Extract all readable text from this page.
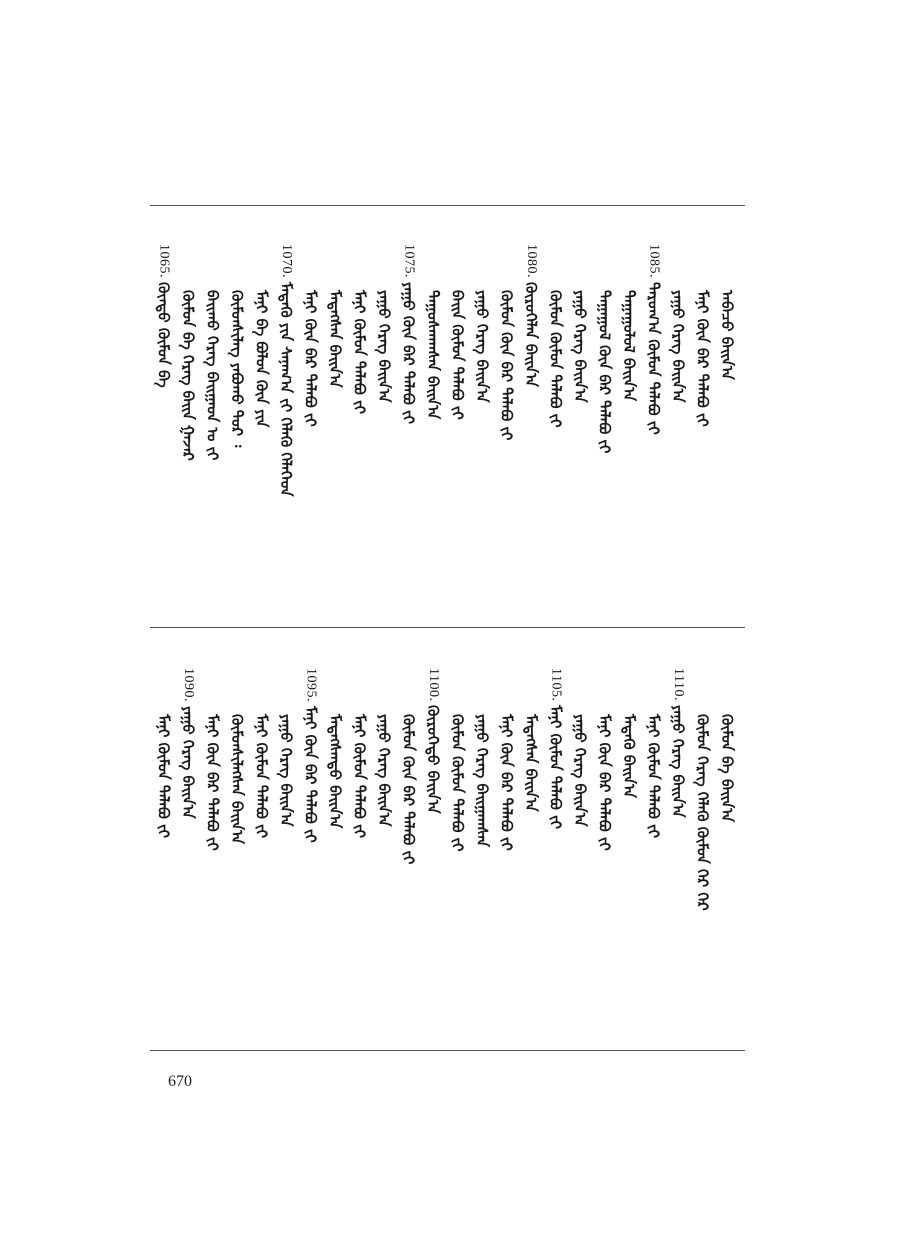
ᠠᠪᠠᠴᠤ ᠪᠠᠢᠨ᠎ᠠ
ᠮᠠᠨᠢ ᠬᠦᠨ ᠪᠡᠷ ᠲᠠᠯᠠᠪᠤ ᠶ᠋ᠢ
ᠶᠠᠭᠤ ᠬᠡᠷᠡᠭ ᠪᠠᠢᠨ᠎ᠠ
1085.
ᠳᠠᠷᠤᠭ᠎ᠠ ᠬᠦᠮᠦᠨ ᠲᠠᠯᠠᠪᠤ ᠶ᠋ᠢ
ᠳᠠᠭᠠᠭᠤᠯᠤᠯ ᠪᠠᠢᠨ᠎ᠠ
ᠳᠠᠭᠠᠭᠤᠯ ᠬᠦᠨ ᠪᠡᠷ ᠲᠠᠯᠠᠪᠤ ᠶ᠋ᠢ
ᠶᠠᠭᠤ ᠬᠡᠷᠡᠭ ᠪᠠᠢᠨ᠎ᠠ
ᠬᠦᠮᠦᠨ ᠬᠦᠮᠦᠨ ᠲᠠᠯᠠᠪᠤ ᠶ᠋ᠢ
1080.
ᠬᠦᠷᠦᠭᠡᠯᠡᠨ ᠪᠠᠢᠨ᠎ᠠ
ᠬᠦᠮᠦᠨ ᠬᠦᠨ ᠪᠡᠷ ᠲᠠᠯᠠᠪᠤ ᠶ᠋ᠢ
ᠶᠠᠭᠤ ᠬᠡᠷᠡᠭ ᠪᠠᠢᠨ᠎ᠠ
ᠪᠠᠢᠨ ᠬᠦᠮᠦᠨ ᠲᠠᠯᠠᠪᠤ ᠶ᠋ᠢ
ᠳᠠᠭᠤᠰᠬᠠᠭᠰᠠᠨ ᠪᠠᠢᠨ᠎ᠠ
1075.
ᠶᠠᠭᠤ ᠬᠦᠨ ᠪᠡᠷ ᠲᠠᠯᠠᠪᠤ ᠶ᠋ᠢ
ᠶᠠᠭᠤ ᠬᠡᠷᠡᠭ ᠪᠠᠢᠨ᠎ᠠ
ᠮᠠᠨᠢ ᠬᠦᠮᠦᠨ ᠲᠠᠯᠠᠪᠤ ᠶ᠋ᠢ
ᠮᠡᠳᠡᠭᠰᠡᠨ ᠪᠠᠢᠨ᠎ᠠ
ᠮᠠᠨᠢ ᠬᠦᠨ ᠪᠡᠷ ᠲᠠᠯᠠᠪᠤ ᠶ᠋ᠢ
1070.
ᠮᠡᠳᠡᠬᠦ ᠶᠢᠨ ᠰᠠᠨᠠᠭ᠎ᠠ ᠶ᠋ᠢ ᠬᠡᠯᠡᠬᠦ ᠬᠡᠯᠡᠭᠡᠳ
ᠮᠠᠨᠢ ᠪᠡ ᠪᠤᠯᠤᠨ ᠬᠦᠨ ᠶᠢᠨ
ᠬᠦᠮᠦᠨᠰᠢᠯᠡᠭ ᠶᠠᠪᠤᠬᠤ ᠳᠤᠷ ᠄
ᠪᠠᠢᠬᠤ ᠬᠡᠷᠡᠭ ᠪᠠᠢᠭᠠᠳ ᠣ ᠶ᠋ᠢ
ᠬᠦᠮᠦᠨ ᠪᠡ ᠬᠡᠷᠡᠭ ᠪᠠᠢᠨ ᠭᠠᠵᠠᠷ
1065.
ᠬᠦᠨᠳᠦ ᠬᠦᠮᠦᠨ ᠪᠡ
ᠬᠦᠮᠦᠨ ᠪᠡ ᠪᠠᠢᠨ᠎ᠠ
ᠬᠦᠮᠦᠨ ᠬᠡᠷᠡᠭ ᠬᠡᠯᠡᠬᠦ ᠬᠦᠮᠦᠨ ᠬᠡᠷ ᠬᠡᠷ
1110.
ᠶᠠᠭᠤ ᠬᠡᠷᠡᠭ ᠪᠠᠢᠨ᠎ᠠ
ᠮᠠᠨᠢ ᠬᠦᠮᠦᠨ ᠲᠠᠯᠠᠪᠤ ᠶ᠋ᠢ
ᠮᠡᠳᠡᠬᠦ ᠪᠠᠢᠨ᠎ᠠ
ᠮᠠᠨᠢ ᠬᠦᠨ ᠪᠡᠷ ᠲᠠᠯᠠᠪᠤ ᠶ᠋ᠢ
ᠶᠠᠭᠤ ᠬᠡᠷᠡᠭ ᠪᠠᠢᠨ᠎ᠠ
1105.
ᠮᠠᠨᠢ ᠬᠦᠮᠦᠨ ᠲᠠᠯᠠᠪᠤ ᠶ᠋ᠢ
ᠮᠡᠳᠡᠭᠰᠡᠨ ᠪᠠᠢᠨ᠎ᠠ
ᠮᠠᠨᠢ ᠬᠦᠨ ᠪᠡᠷ ᠲᠠᠯᠠᠪᠤ ᠶ᠋ᠢ
ᠶᠠᠭᠤ ᠬᠡᠷᠡᠭ ᠪᠠᠢᠭᠠᠭᠰᠠᠨ
ᠬᠦᠮᠦᠨ ᠬᠦᠮᠦᠨ ᠲᠠᠯᠠᠪᠤ ᠶ᠋ᠢ
1100.
ᠬᠦᠷᠦᠭᠡᠳᠦ ᠪᠠᠢᠨ᠎ᠠ
ᠬᠦᠮᠦᠨ ᠬᠦᠨ ᠪᠡᠷ ᠲᠠᠯᠠᠪᠤ ᠶ᠋ᠢ
ᠶᠠᠭᠤ ᠬᠡᠷᠡᠭ ᠪᠠᠢᠨ᠎ᠠ
ᠮᠠᠨᠢ ᠬᠦᠮᠦᠨ ᠲᠠᠯᠠᠪᠤ ᠶ᠋ᠢ
ᠮᠡᠳᠡᠭᠰᠡᠨᠳᠦ ᠪᠠᠢᠨ᠎ᠠ
1095.
ᠮᠠᠨᠢ ᠬᠦᠨ ᠪᠡᠷ ᠲᠠᠯᠠᠪᠤ ᠶ᠋ᠢ
ᠶᠠᠭᠤ ᠬᠡᠷᠡᠭ ᠪᠠᠢᠨ᠎ᠠ
ᠮᠠᠨᠢ ᠬᠦᠮᠦᠨ ᠲᠠᠯᠠᠪᠤ ᠶ᠋ᠢ
ᠬᠦᠮᠦᠨᠰᠢᠯᠡᠭᠰᠡᠨ ᠪᠠᠢᠨ᠎ᠠ
ᠮᠠᠨᠢ ᠬᠦᠨ ᠪᠡᠷ ᠲᠠᠯᠠᠪᠤ ᠶ᠋ᠢ
1090.
ᠶᠠᠭᠤ ᠬᠡᠷᠡᠭ ᠪᠠᠢᠨ᠎ᠠ
ᠮᠠᠨᠢ ᠬᠦᠮᠦᠨ ᠲᠠᠯᠠᠪᠤ ᠶ᠋ᠢ
670
